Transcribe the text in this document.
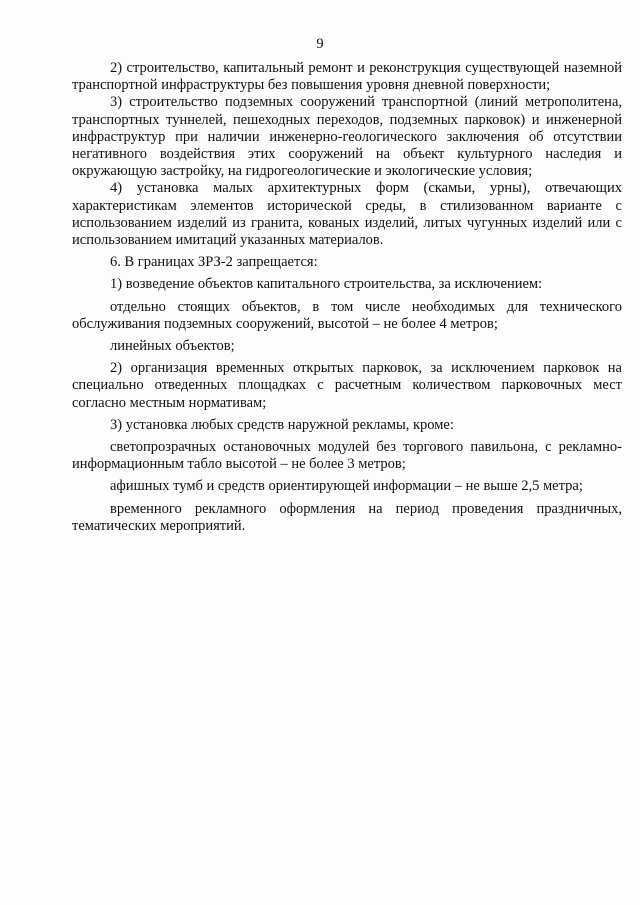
9

2) строительство, капитальный ремонт и реконструкция существующей наземной транспортной инфраструктуры без повышения уровня дневной поверхности;

3) строительство подземных сооружений транспортной (линий метрополитена, транспортных туннелей, пешеходных переходов, подземных парковок) и инженерной инфраструктур при наличии инженерно-геологического заключения об отсутствии негативного воздействия этих сооружений на объект культурного наследия и окружающую застройку, на гидрогеологические и экологические условия;

4) установка малых архитектурных форм (скамьи, урны), отвечающих характеристикам элементов исторической среды, в стилизованном варианте с использованием изделий из гранита, кованых изделий, литых чугунных изделий или с использованием имитаций указанных материалов.

6. В границах ЗРЗ-2 запрещается:

1) возведение объектов капитального строительства, за исключением:

отдельно стоящих объектов, в том числе необходимых для технического обслуживания подземных сооружений, высотой – не более 4 метров;

линейных объектов;

2) организация временных открытых парковок, за исключением парковок на специально отведенных площадках с расчетным количеством парковочных мест согласно местным нормативам;

3) установка любых средств наружной рекламы, кроме:

светопрозрачных остановочных модулей без торгового павильона, с рекламно-информационным табло высотой – не более 3 метров;

афишных тумб и средств ориентирующей информации – не выше 2,5 метра;

временного рекламного оформления на период проведения праздничных, тематических мероприятий.
